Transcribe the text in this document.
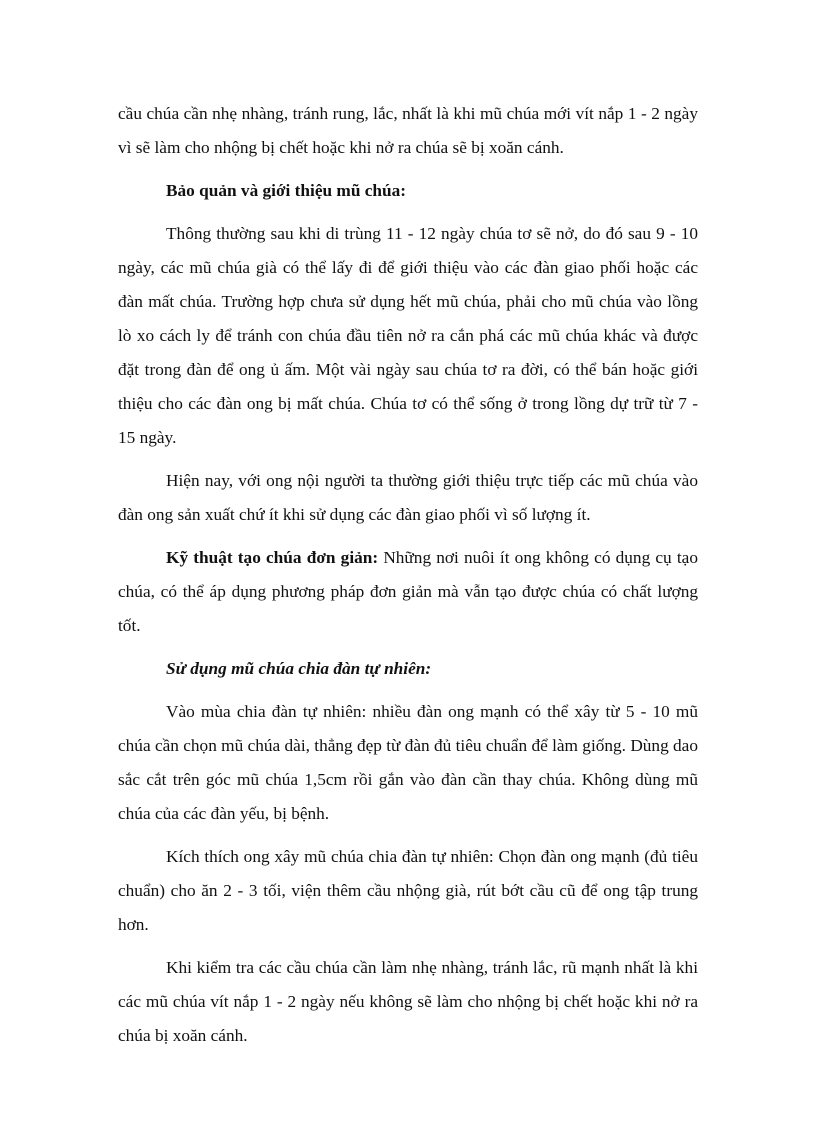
cầu chúa cần nhẹ nhàng, tránh rung, lắc, nhất là khi mũ chúa mới vít nắp 1 - 2 ngày vì sẽ làm cho nhộng bị chết hoặc khi nở ra chúa sẽ bị xoăn cánh.

Bảo quản và giới thiệu mũ chúa:

Thông thường sau khi di trùng 11 - 12 ngày chúa tơ sẽ nở, do đó sau 9 - 10 ngày, các mũ chúa già có thể lấy đi để giới thiệu vào các đàn giao phối hoặc các đàn mất chúa. Trường hợp chưa sử dụng hết mũ chúa, phải cho mũ chúa vào lồng lò xo cách ly để tránh con chúa đầu tiên nở ra cắn phá các mũ chúa khác và được đặt trong đàn để ong ủ ấm. Một vài ngày sau chúa tơ ra đời, có thể bán hoặc giới thiệu cho các đàn ong bị mất chúa. Chúa tơ có thể sống ở trong lồng dự trữ từ 7 - 15 ngày.

Hiện nay, với ong nội người ta thường giới thiệu trực tiếp các mũ chúa vào đàn ong sản xuất chứ ít khi sử dụng các đàn giao phối vì số lượng ít.

Kỹ thuật tạo chúa đơn giản: Những nơi nuôi ít ong không có dụng cụ tạo chúa, có thể áp dụng phương pháp đơn giản mà vẫn tạo được chúa có chất lượng tốt.

Sử dụng mũ chúa chia đàn tự nhiên:

Vào mùa chia đàn tự nhiên: nhiều đàn ong mạnh có thể xây từ 5 - 10 mũ chúa cần chọn mũ chúa dài, thẳng đẹp từ đàn đủ tiêu chuẩn để làm giống. Dùng dao sắc cắt trên góc mũ chúa 1,5cm rồi gắn vào đàn cần thay chúa. Không dùng mũ chúa của các đàn yếu, bị bệnh.

Kích thích ong xây mũ chúa chia đàn tự nhiên: Chọn đàn ong mạnh (đủ tiêu chuẩn) cho ăn 2 - 3 tối, viện thêm cầu nhộng già, rút bớt cầu cũ để ong tập trung hơn.

Khi kiểm tra các cầu chúa cần làm nhẹ nhàng, tránh lắc, rũ mạnh nhất là khi các mũ chúa vít nắp 1 - 2 ngày nếu không sẽ làm cho nhộng bị chết hoặc khi nở ra chúa bị xoăn cánh.
